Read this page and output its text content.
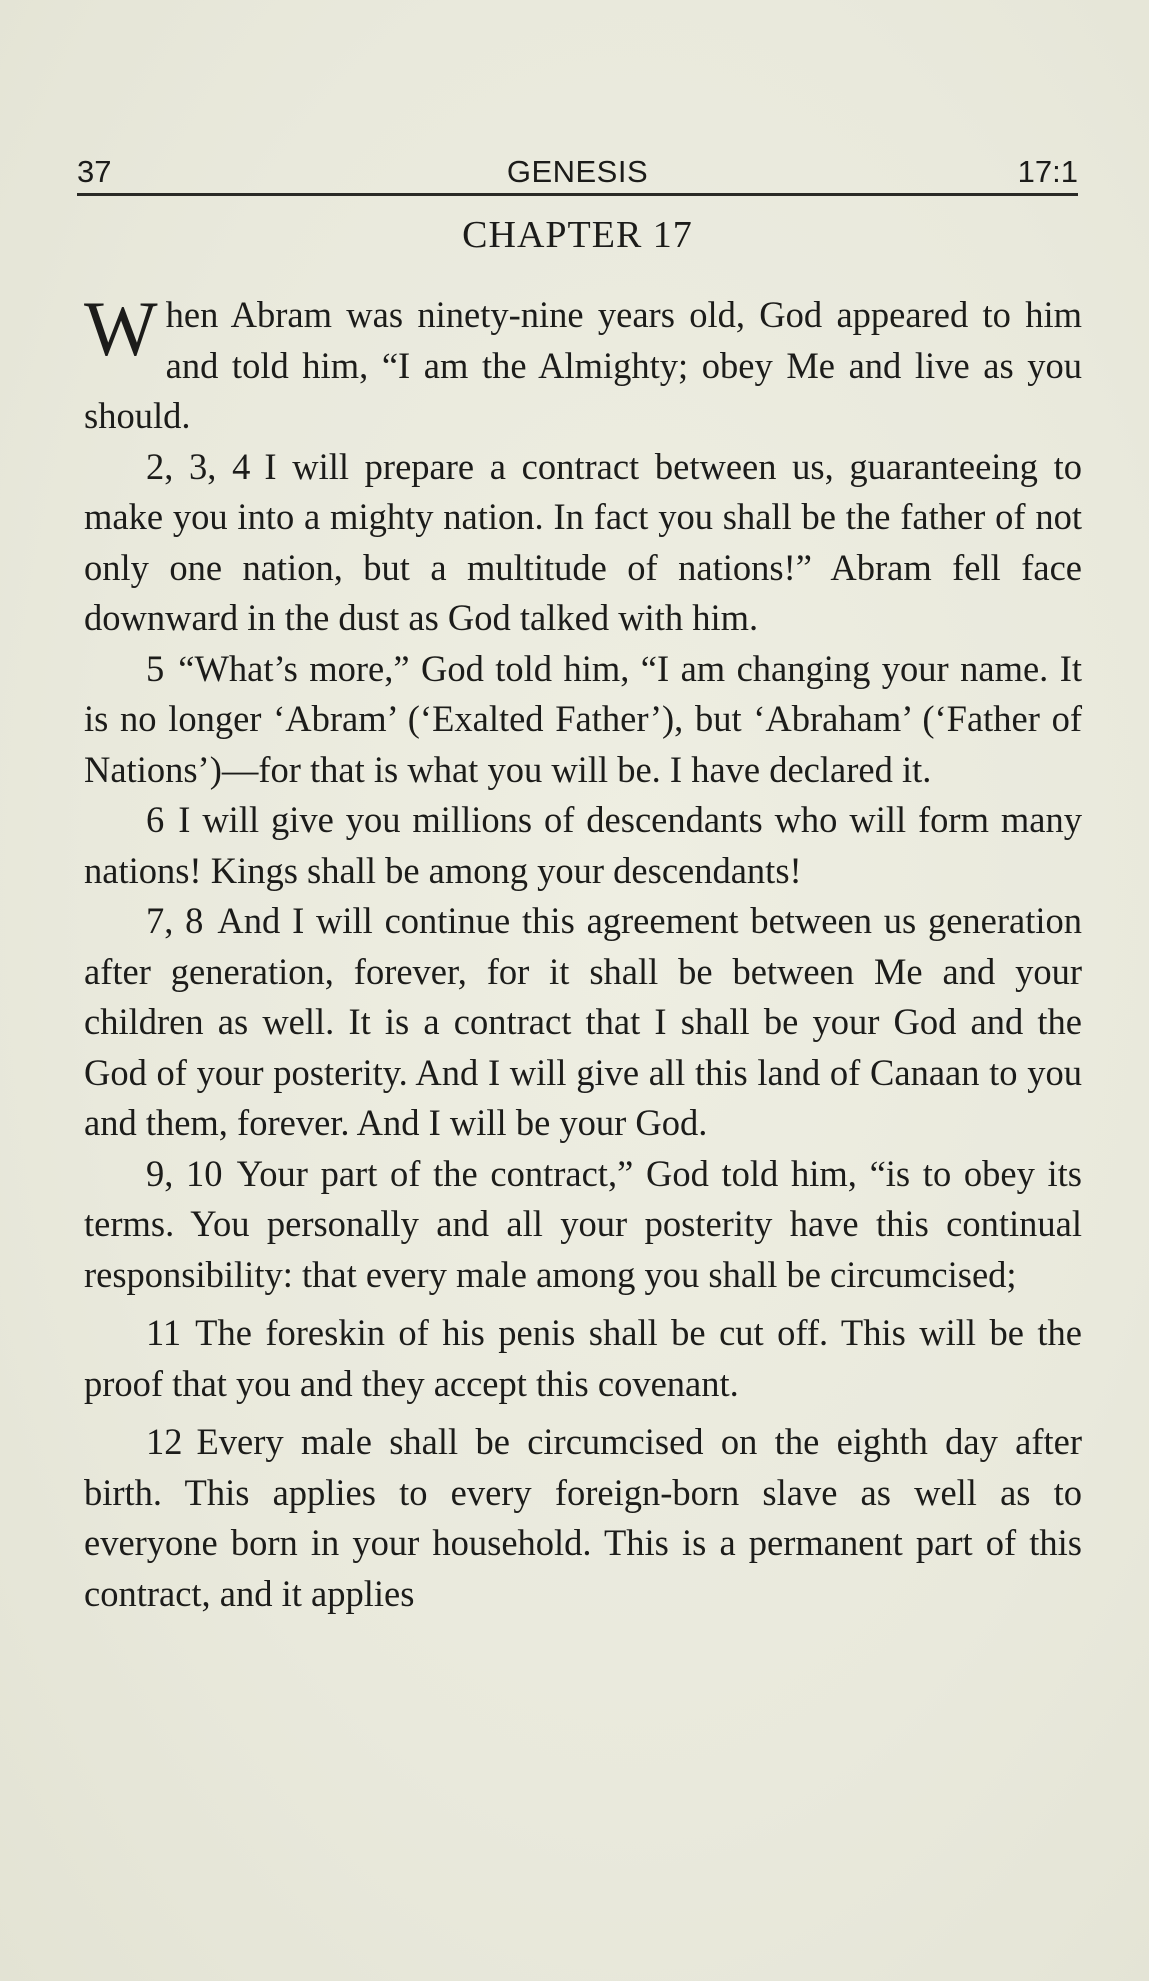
37	GENESIS	17:1
CHAPTER 17

When Abram was ninety-nine years old, God appeared to him and told him, “I am the Almighty; obey Me and live as you should.

2, 3, 4 I will prepare a contract between us, guaranteeing to make you into a mighty nation. In fact you shall be the father of not only one nation, but a multitude of nations!” Abram fell face downward in the dust as God talked with him.

5 “What’s more,” God told him, “I am changing your name. It is no longer ‘Abram’ (‘Exalted Father’), but ‘Abraham’ (‘Father of Nations’)—for that is what you will be. I have declared it.

6 I will give you millions of descendants who will form many nations! Kings shall be among your descendants!

7, 8 And I will continue this agreement between us generation after generation, forever, for it shall be between Me and your children as well. It is a contract that I shall be your God and the God of your posterity. And I will give all this land of Canaan to you and them, forever. And I will be your God.

9, 10 Your part of the contract,” God told him, “is to obey its terms. You personally and all your posterity have this continual responsibility: that every male among you shall be circumcised;

11 The foreskin of his penis shall be cut off. This will be the proof that you and they accept this covenant.

12 Every male shall be circumcised on the eighth day after birth. This applies to every foreign-born slave as well as to everyone born in your household. This is a permanent part of this contract, and it applies
